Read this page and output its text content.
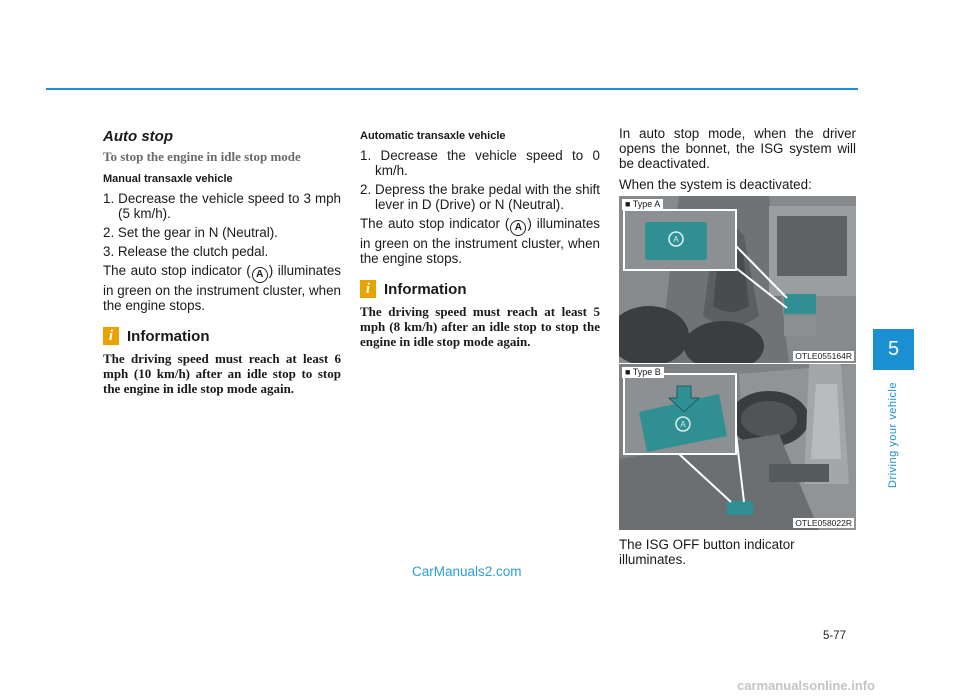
Auto stop
To stop the engine in idle stop mode
Manual transaxle vehicle
1. Decrease the vehicle speed to 3 mph (5 km/h).
2. Set the gear in N (Neutral).
3. Release the clutch pedal.
The auto stop indicator ( A ) illuminates in green on the instrument cluster, when the engine stops.
i Information

The driving speed must reach at least 6 mph (10 km/h) after an idle stop to stop the engine in idle stop mode again.

Automatic transaxle vehicle
1. Decrease the vehicle speed to 0 km/h.
2. Depress the brake pedal with the shift lever in D (Drive) or N (Neutral).
The auto stop indicator ( A ) illuminates in green on the instrument cluster, when the engine stops.
i Information

The driving speed must reach at least 5 mph (8 km/h) after an idle stop to stop the engine in idle stop mode again.

In auto stop mode, when the driver opens the bonnet, the ISG system will be deactivated.
When the system is deactivated:
A
■ Type A
OTLE055164R
A
■ Type B
OTLE058022R
The ISG OFF button indicator illuminates.
5
Driving your vehicle
5-77
CarManuals2.com
carmanualsonline.info
